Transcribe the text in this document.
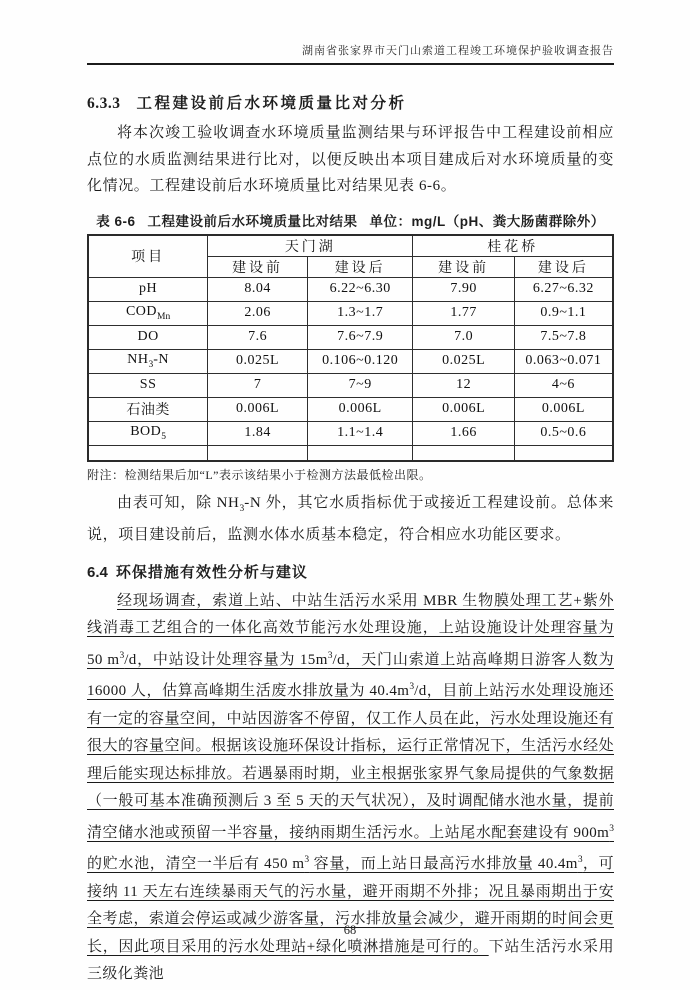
湖南省张家界市天门山索道工程竣工环境保护验收调查报告
6.3.3 工程建设前后水环境质量比对分析

将本次竣工验收调查水环境质量监测结果与环评报告中工程建设前相应点位的水质监测结果进行比对，以便反映出本项目建成后对水环境质量的变化情况。工程建设前后水环境质量比对结果见表 6-6。

表 6-6 工程建设前后水环境质量比对结果 单位：mg/L（pH、粪大肠菌群除外）
项目	天门湖		桂花桥	
	建设前	建设后	建设前	建设后
pH	8.04	6.22~6.30	7.90	6.27~6.32
$COD_{Mn}$	2.06	1.3~1.7	1.77	0.9~1.1
DO	7.6	7.6~7.9	7.0	7.5~7.8
$NH_3-N$	0.025L	0.106~0.120	0.025L	0.063~0.071
SS	7	7~9	12	4~6
石油类	0.006L	0.006L	0.006L	0.006L
$BOD_5$	1.84	1.1~1.4	1.66	0.5~0.6

附注：检测结果后加“L”表示该结果小于检测方法最低检出限。

由表可知，除 $NH_3-N$ 外，其它水质指标优于或接近工程建设前。总体来说，项目建设前后，监测水体水质基本稳定，符合相应水功能区要求。

6.4 环保措施有效性分析与建议

经现场调查，索道上站、中站生活污水采用 MBR 生物膜处理工艺+紫外线消毒工艺组合的一体化高效节能污水处理设施，上站设施设计处理容量为 50 $m^3/d$，中站设计处理容量为 $15m^3/d$，天门山索道上站高峰期日游客人数为 16000 人，估算高峰期生活废水排放量为 $40.4m^3/d$，目前上站污水处理设施还有一定的容量空间，中站因游客不停留，仅工作人员在此，污水处理设施还有很大的容量空间。根据该设施环保设计指标，运行正常情况下，生活污水经处理后能实现达标排放。若遇暴雨时期，业主根据张家界气象局提供的气象数据（一般可基本准确预测后 3 至 5 天的天气状况），及时调配储水池水量，提前清空储水池或预留一半容量，接纳雨期生活污水。上站尾水配套建设有 $900m^3$ 的贮水池，清空一半后有 450 $m^3$ 容量，而上站日最高污水排放量 $40.4m^3$，可接纳 11 天左右连续暴雨天气的污水量，避开雨期不外排；况且暴雨期出于安全考虑，索道会停运或减少游客量，污水排放量会减少，避开雨期的时间会更长，因此项目采用的污水处理站+绿化喷淋措施是可行的。下站生活污水采用三级化粪池

68
